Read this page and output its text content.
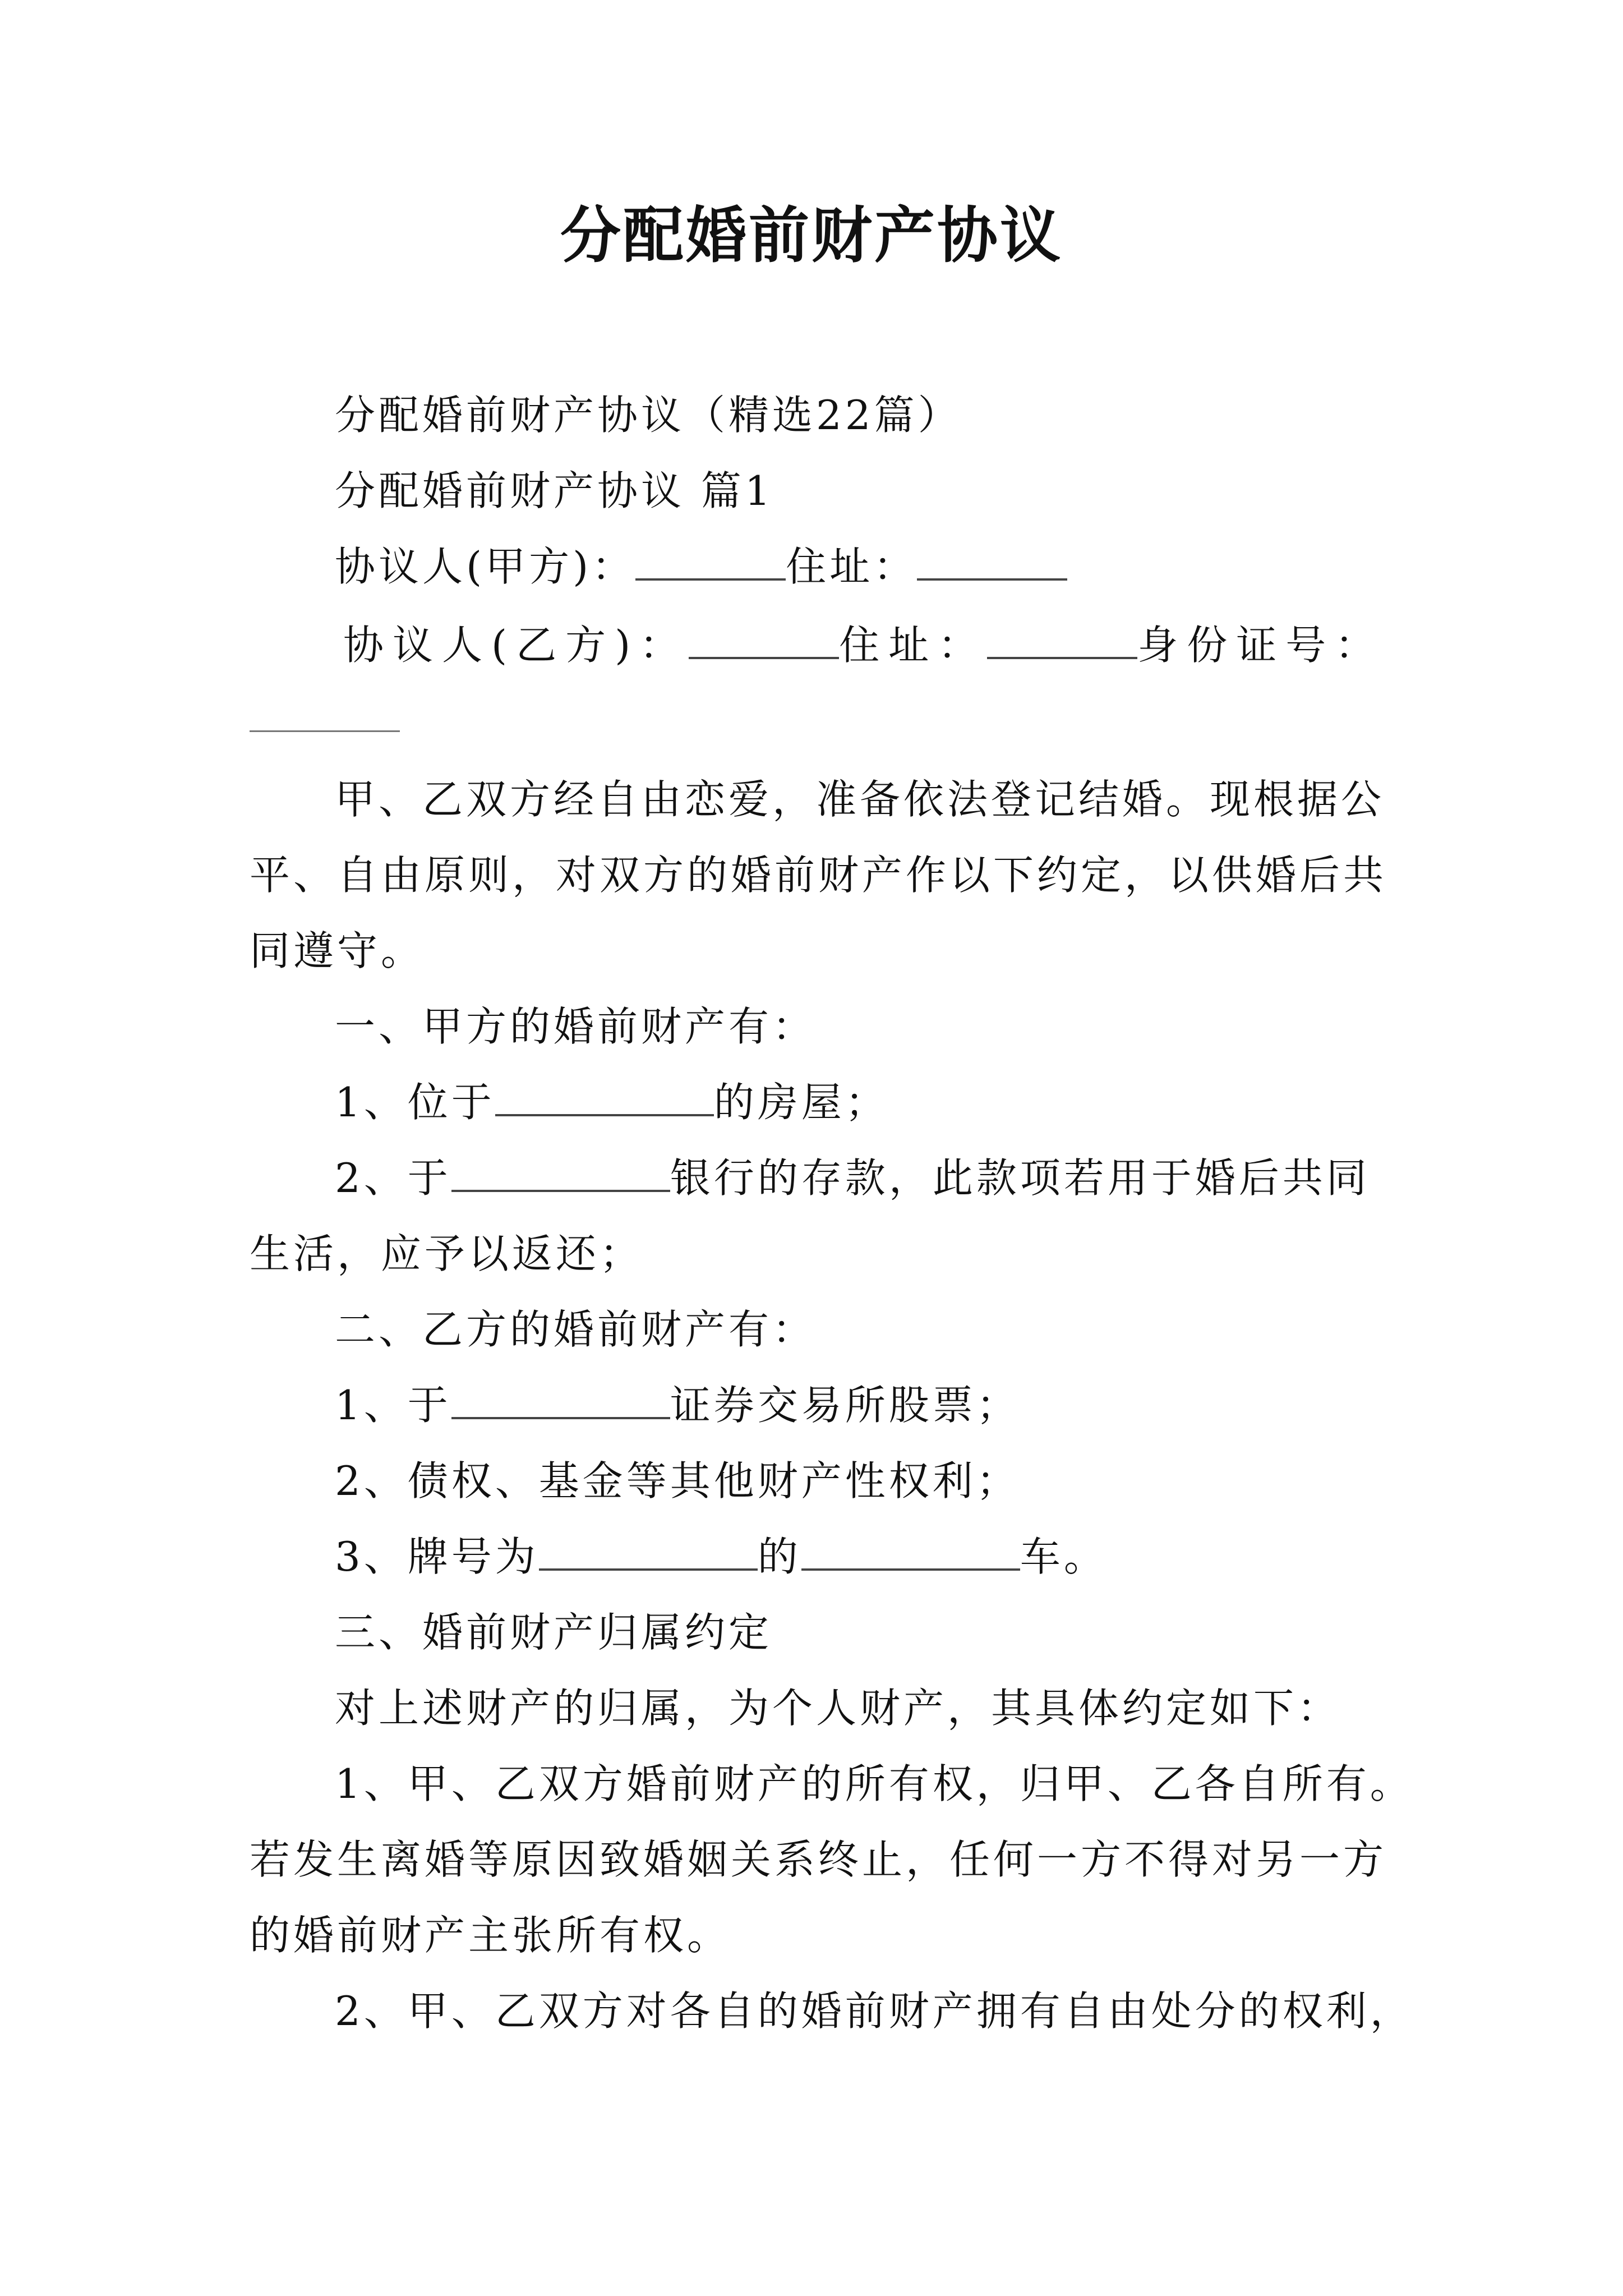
分配婚前财产协议
分配婚前财产协议（精选22篇）
分配婚前财产协议 篇1
协议人(甲方)：	住址：
协议人(乙方)：	住址：	身份证号：
甲、乙双方经自由恋爱，准备依法登记结婚。现根据公
平、自由原则，对双方的婚前财产作以下约定，以供婚后共
同遵守。
一、甲方的婚前财产有：
1、位于	的房屋；
2、于	银行的存款，此款项若用于婚后共同
生活，应予以返还；
二、乙方的婚前财产有：
1、于	证券交易所股票；
2、债权、基金等其他财产性权利；
3、牌号为	的	车。
三、婚前财产归属约定
对上述财产的归属，为个人财产，其具体约定如下：
1、甲、乙双方婚前财产的所有权，归甲、乙各自所有。
若发生离婚等原因致婚姻关系终止，任何一方不得对另一方
的婚前财产主张所有权。
2、甲、乙双方对各自的婚前财产拥有自由处分的权利，
